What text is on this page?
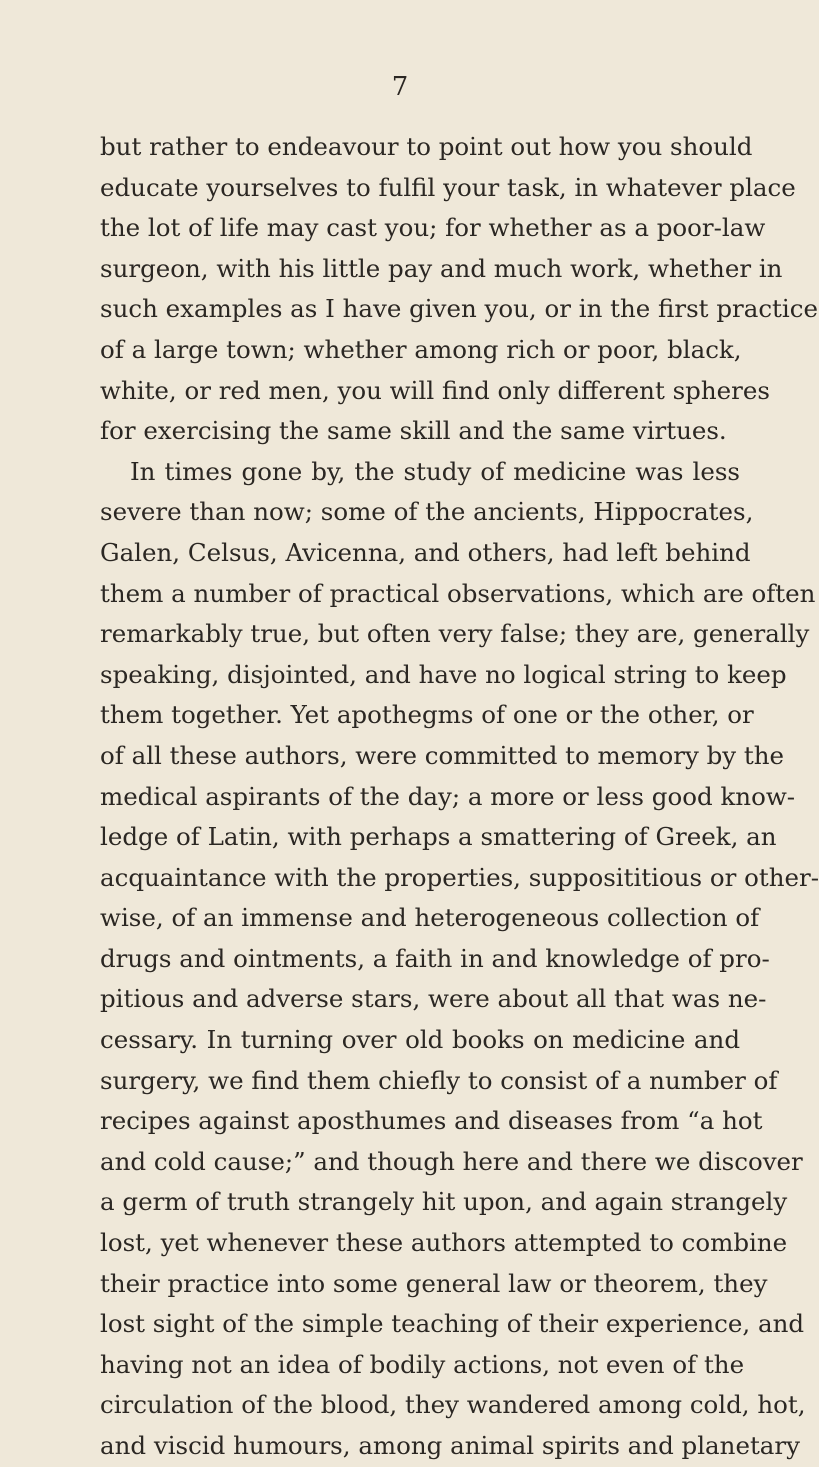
7
but rather to endeavour to point out how you should
educate yourselves to fulfil your task, in whatever place
the lot of life may cast you; for whether as a poor-law
surgeon, with his little pay and much work, whether in
such examples as I have given you, or in the first practice
of a large town; whether among rich or poor, black,
white, or red men, you will find only different spheres
for exercising the same skill and the same virtues.
In times gone by, the study of medicine was less
severe than now; some of the ancients, Hippocrates,
Galen, Celsus, Avicenna, and others, had left behind
them a number of practical observations, which are often
remarkably true, but often very false; they are, generally
speaking, disjointed, and have no logical string to keep
them together. Yet apothegms of one or the other, or
of all these authors, were committed to memory by the
medical aspirants of the day; a more or less good know-
ledge of Latin, with perhaps a smattering of Greek, an
acquaintance with the properties, supposititious or other-
wise, of an immense and heterogeneous collection of
drugs and ointments, a faith in and knowledge of pro-
pitious and adverse stars, were about all that was ne-
cessary. In turning over old books on medicine and
surgery, we find them chiefly to consist of a number of
recipes against aposthumes and diseases from “a hot
and cold cause;” and though here and there we discover
a germ of truth strangely hit upon, and again strangely
lost, yet whenever these authors attempted to combine
their practice into some general law or theorem, they
lost sight of the simple teaching of their experience, and
having not an idea of bodily actions, not even of the
circulation of the blood, they wandered among cold, hot,
and viscid humours, among animal spirits and planetary
